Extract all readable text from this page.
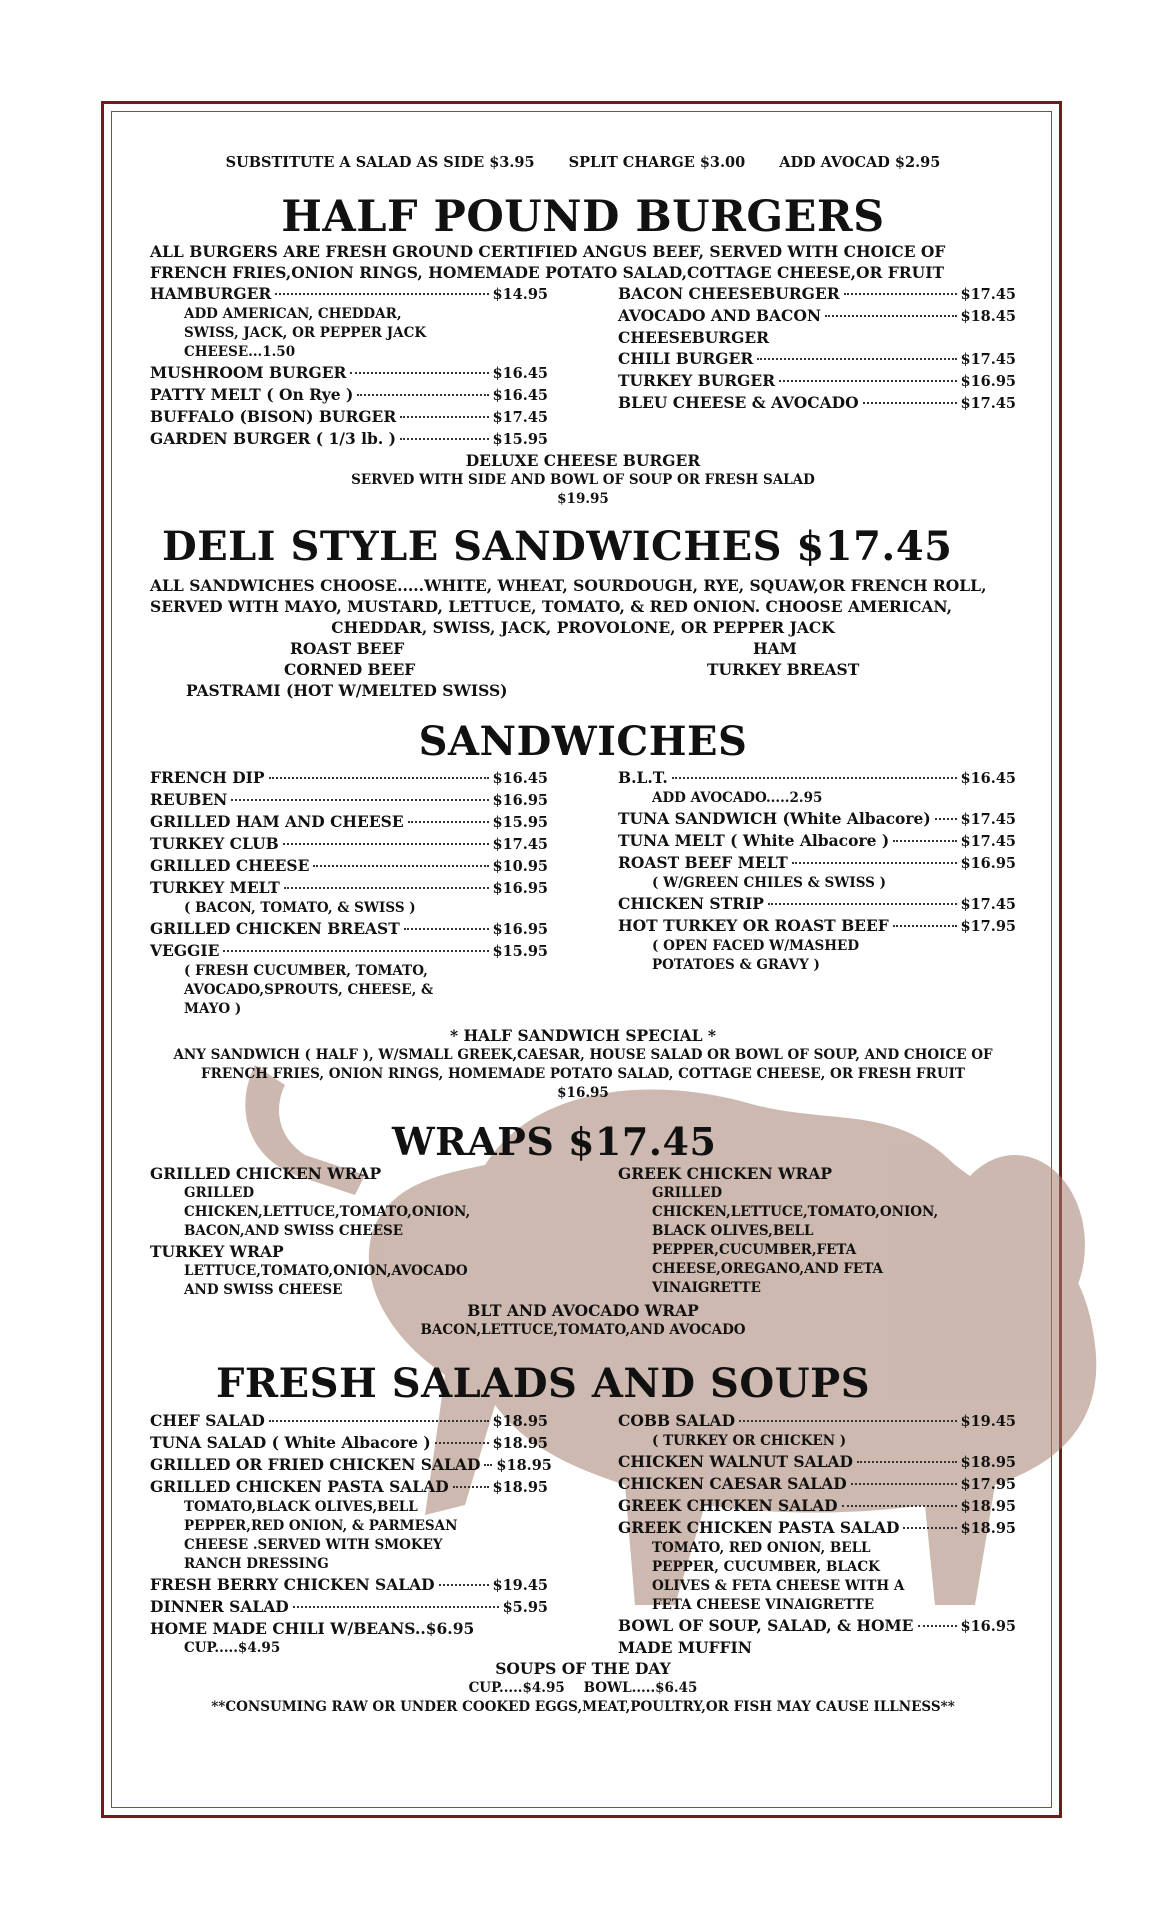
SUBSTITUTE A SALAD AS SIDE $3.95 SPLIT CHARGE $3.00 ADD AVOCAD $2.95
HALF POUND BURGERS
ALL BURGERS ARE FRESH GROUND CERTIFIED ANGUS BEEF, SERVED WITH CHOICE OF FRENCH FRIES,ONION RINGS, HOMEMADE POTATO SALAD,COTTAGE CHEESE,OR FRUIT
HAMBURGER	$14.95
ADD AMERICAN, CHEDDAR, SWISS, JACK, OR PEPPER JACK CHEESE...1.50
MUSHROOM BURGER	$16.45
PATTY MELT ( On Rye )	$16.45
BUFFALO (BISON) BURGER	$17.45
GARDEN BURGER ( 1/3 lb. )	$15.95
BACON CHEESEBURGER	$17.45
AVOCADO AND BACON	$18.45
CHEESEBURGER
CHILI BURGER	$17.45
TURKEY BURGER	$16.95
BLEU CHEESE & AVOCADO	$17.45
DELUXE CHEESE BURGER
SERVED WITH SIDE AND BOWL OF SOUP OR FRESH SALAD
$19.95
DELI STYLE SANDWICHES $17.45
ALL SANDWICHES CHOOSE.....WHITE, WHEAT, SOURDOUGH, RYE, SQUAW,OR FRENCH ROLL,
SERVED WITH MAYO, MUSTARD, LETTUCE, TOMATO, & RED ONION. CHOOSE AMERICAN,
CHEDDAR, SWISS, JACK, PROVOLONE, OR PEPPER JACK
ROAST BEEF	HAM
CORNED BEEF	TURKEY BREAST
PASTRAMI (HOT W/MELTED SWISS)
SANDWICHES
FRENCH DIP	$16.45
REUBEN	$16.95
GRILLED HAM AND CHEESE	$15.95
TURKEY CLUB	$17.45
GRILLED CHEESE	$10.95
TURKEY MELT	$16.95
( BACON, TOMATO, & SWISS )
GRILLED CHICKEN BREAST	$16.95
VEGGIE	$15.95
( FRESH CUCUMBER, TOMATO, AVOCADO,SPROUTS, CHEESE, & MAYO )
B.L.T.	$16.45
ADD AVOCADO.....2.95
TUNA SANDWICH (White Albacore) $17.45
TUNA MELT ( White Albacore )	$17.45
ROAST BEEF MELT	$16.95
( W/GREEN CHILES & SWISS )
CHICKEN STRIP	$17.45
HOT TURKEY OR ROAST BEEF	$17.95
( OPEN FACED W/MASHED POTATOES & GRAVY )
* HALF SANDWICH SPECIAL *
ANY SANDWICH ( HALF ), W/SMALL GREEK,CAESAR, HOUSE SALAD OR BOWL OF SOUP, AND CHOICE OF FRENCH FRIES, ONION RINGS, HOMEMADE POTATO SALAD, COTTAGE CHEESE, OR FRESH FRUIT
$16.95
WRAPS $17.45
GRILLED CHICKEN WRAP
GRILLED CHICKEN,LETTUCE,TOMATO,ONION, BACON,AND SWISS CHEESE
TURKEY WRAP
LETTUCE,TOMATO,ONION,AVOCADO AND SWISS CHEESE
GREEK CHICKEN WRAP
GRILLED CHICKEN,LETTUCE,TOMATO,ONION, BLACK OLIVES,BELL PEPPER,CUCUMBER,FETA CHEESE,OREGANO,AND FETA VINAIGRETTE
BLT AND AVOCADO WRAP
BACON,LETTUCE,TOMATO,AND AVOCADO
FRESH SALADS AND SOUPS
CHEF SALAD	$18.95
TUNA SALAD ( White Albacore )	$18.95
GRILLED OR FRIED CHICKEN SALAD $18.95
GRILLED CHICKEN PASTA SALAD	$18.95
TOMATO,BLACK OLIVES,BELL PEPPER,RED ONION, & PARMESAN CHEESE .SERVED WITH SMOKEY RANCH DRESSING
FRESH BERRY CHICKEN SALAD	$19.45
DINNER SALAD	$5.95
HOME MADE CHILI W/BEANS..$6.95
CUP.....$4.95
COBB SALAD	$19.45
( TURKEY OR CHICKEN )
CHICKEN WALNUT SALAD	$18.95
CHICKEN CAESAR SALAD	$17.95
GREEK CHICKEN SALAD	$18.95
GREEK CHICKEN PASTA SALAD	$18.95
TOMATO, RED ONION, BELL PEPPER, CUCUMBER, BLACK OLIVES & FETA CHEESE WITH A FETA CHEESE VINAIGRETTE
BOWL OF SOUP, SALAD, & HOME	$16.95
MADE MUFFIN
SOUPS OF THE DAY
CUP.....$4.95    BOWL.....$6.45
**CONSUMING RAW OR UNDER COOKED EGGS,MEAT,POULTRY,OR FISH MAY CAUSE ILLNESS**
